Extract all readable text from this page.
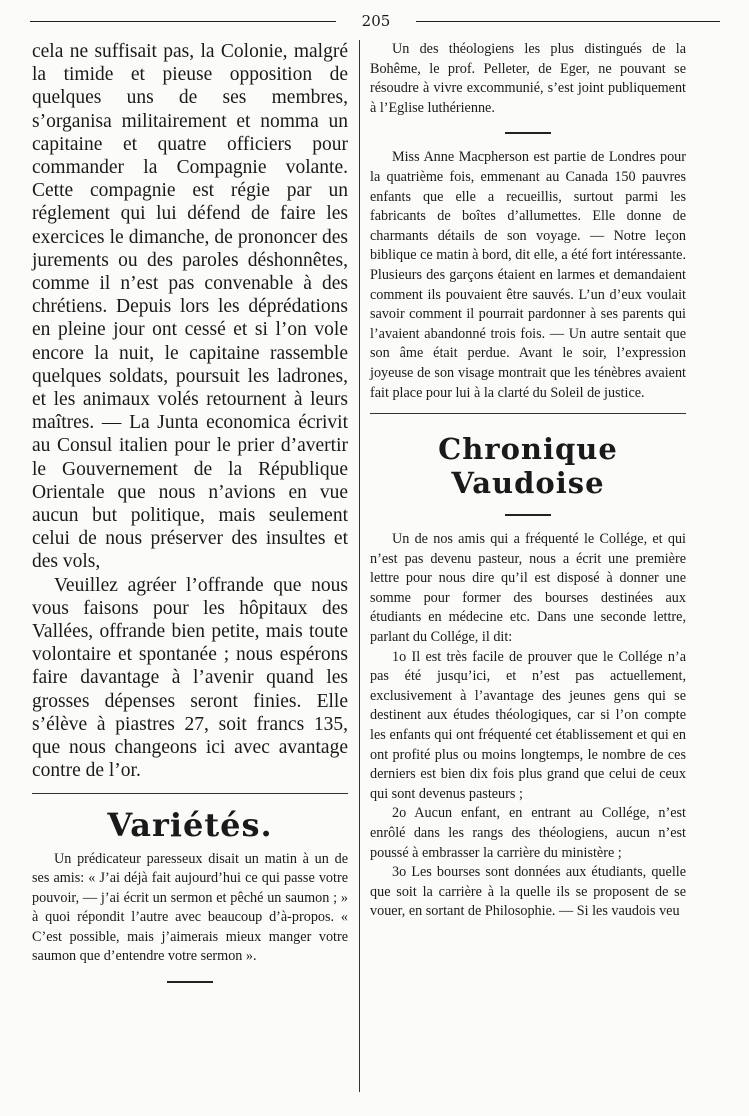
205

cela ne suffisait pas, la Colonie, malgré la timide et pieuse opposition de quelques uns de ses membres, s’organisa militairement et nomma un capitaine et quatre officiers pour commander la Compagnie volante. Cette compagnie est régie par un réglement qui lui défend de faire les exercices le dimanche, de prononcer des jurements ou des paroles déshonnêtes, comme il n’est pas convenable à des chrétiens. Depuis lors les déprédations en pleine jour ont cessé et si l’on vole encore la nuit, le capitaine rassemble quelques soldats, poursuit les ladrones, et les animaux volés retournent à leurs maîtres. — La Junta economica écrivit au Consul italien pour le prier d’avertir le Gouvernement de la République Orientale que nous n’avions en vue aucun but politique, mais seulement celui de nous préserver des insultes et des vols,

Veuillez agréer l’offrande que nous vous faisons pour les hôpitaux des Vallées, offrande bien petite, mais toute volontaire et spontanée ; nous espérons faire davantage à l’avenir quand les grosses dépenses seront finies. Elle s’élève à piastres 27, soit francs 135, que nous changeons ici avec avantage contre de l’or.

Variétés.

Un prédicateur paresseux disait un matin à un de ses amis: « J’ai déjà fait aujourd’hui ce qui passe votre pouvoir, — j’ai écrit un sermon et pêché un saumon ; » à quoi répondit l’autre avec beaucoup d’à-propos. « C’est possible, mais j’aimerais mieux manger votre saumon que d’entendre votre sermon ».

Un des théologiens les plus distingués de la Bohême, le prof. Pelleter, de Eger, ne pouvant se résoudre à vivre excommunié, s’est joint publiquement à l’Eglise luthérienne.

Miss Anne Macpherson est partie de Londres pour la quatrième fois, emmenant au Canada 150 pauvres enfants que elle a recueillis, surtout parmi les fabricants de boîtes d’allumettes. Elle donne de charmants détails de son voyage. — Notre leçon biblique ce matin à bord, dit elle, a été fort intéressante. Plusieurs des garçons étaient en larmes et demandaient comment ils pouvaient être sauvés. L’un d’eux voulait savoir comment il pourrait pardonner à ses parents qui l’avaient abandonné trois fois. — Un autre sentait que son âme était perdue. Avant le soir, l’expression joyeuse de son visage montrait que les ténèbres avaient fait place pour lui à la clarté du Soleil de justice.

Chronique Vaudoise

Un de nos amis qui a fréquenté le Collége, et qui n’est pas devenu pasteur, nous a écrit une première lettre pour nous dire qu’il est disposé à donner une somme pour former des bourses destinées aux étudiants en médecine etc. Dans une seconde lettre, parlant du Collége, il dit:

1o Il est très facile de prouver que le Collége n’a pas été jusqu’ici, et n’est pas actuellement, exclusivement à l’avantage des jeunes gens qui se destinent aux études théologiques, car si l’on compte les enfants qui ont fréquenté cet établissement et qui en ont profité plus ou moins longtemps, le nombre de ces derniers est bien dix fois plus grand que celui de ceux qui sont devenus pasteurs ;

2o Aucun enfant, en entrant au Collége, n’est enrôlé dans les rangs des théologiens, aucun n’est poussé à embrasser la carrière du ministère ;

3o Les bourses sont données aux étudiants, quelle que soit la carrière à la quelle ils se proposent de se vouer, en sortant de Philosophie. — Si les vaudois veu
